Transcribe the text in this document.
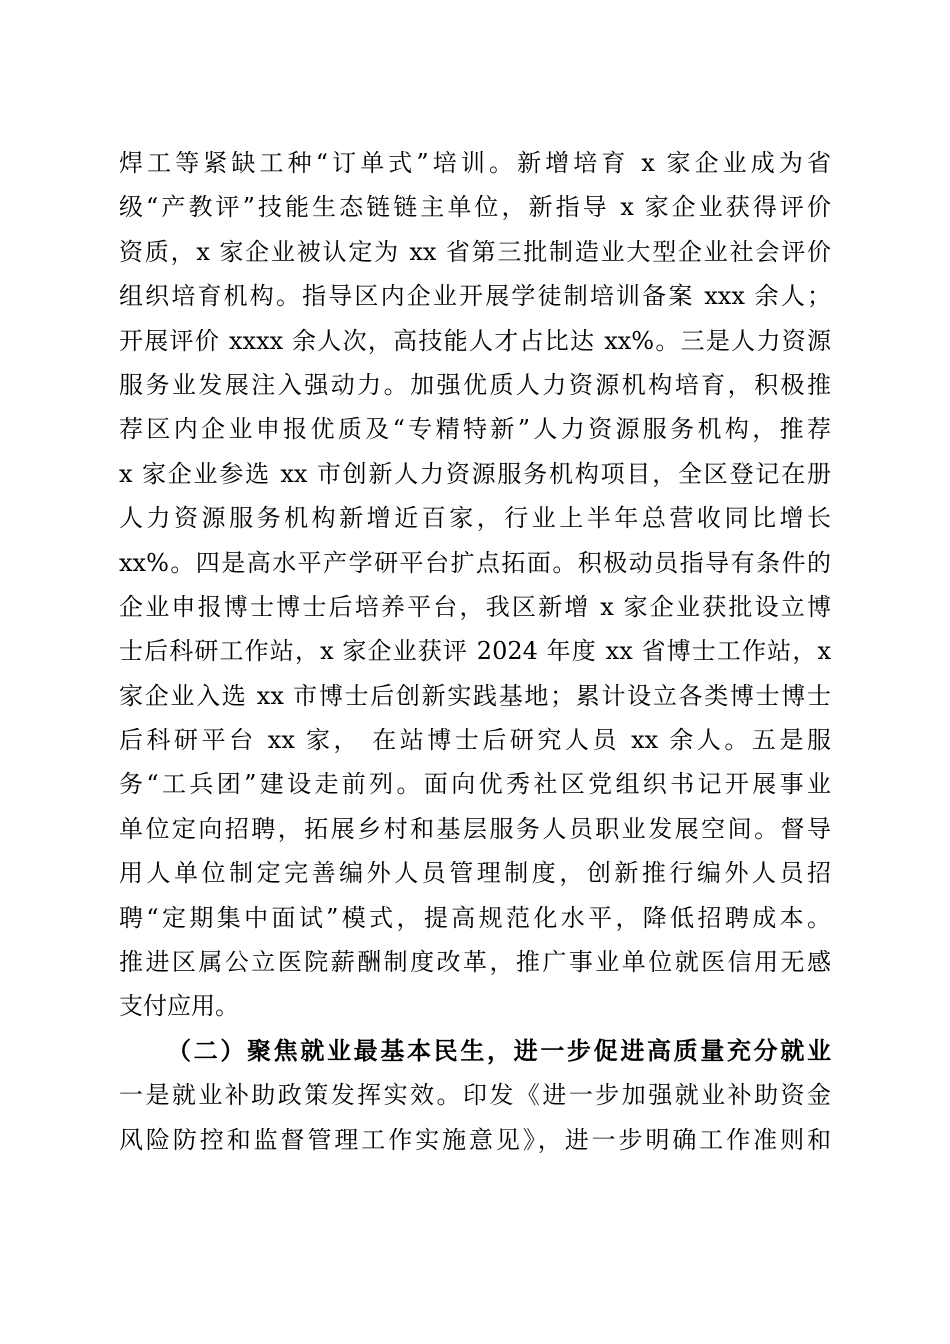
焊工等紧缺工种“订单式”培训。新增培育 x 家企业成为省
级“产教评”技能生态链链主单位，新指导 x 家企业获得评价
资质，x 家企业被认定为 xx 省第三批制造业大型企业社会评价
组织培育机构。指导区内企业开展学徒制培训备案 xxx 余人；
开展评价 xxxx 余人次，高技能人才占比达 xx%。三是人力资源
服务业发展注入强动力。加强优质人力资源机构培育，积极推
荐区内企业申报优质及“专精特新”人力资源服务机构，推荐
x 家企业参选 xx 市创新人力资源服务机构项目，全区登记在册
人力资源服务机构新增近百家，行业上半年总营收同比增长
xx%。四是高水平产学研平台扩点拓面。积极动员指导有条件的
企业申报博士博士后培养平台，我区新增 x 家企业获批设立博
士后科研工作站，x 家企业获评 2024 年度 xx 省博士工作站，x
家企业入选 xx 市博士后创新实践基地；累计设立各类博士博士
后科研平台 xx 家， 在站博士后研究人员 xx 余人。五是服
务“工兵团”建设走前列。面向优秀社区党组织书记开展事业
单位定向招聘，拓展乡村和基层服务人员职业发展空间。督导
用人单位制定完善编外人员管理制度，创新推行编外人员招
聘“定期集中面试”模式，提高规范化水平，降低招聘成本。
推进区属公立医院薪酬制度改革，推广事业单位就医信用无感
支付应用。
（二）聚焦就业最基本民生，进一步促进高质量充分就业
一是就业补助政策发挥实效。印发《进一步加强就业补助资金
风险防控和监督管理工作实施意见》，进一步明确工作准则和
